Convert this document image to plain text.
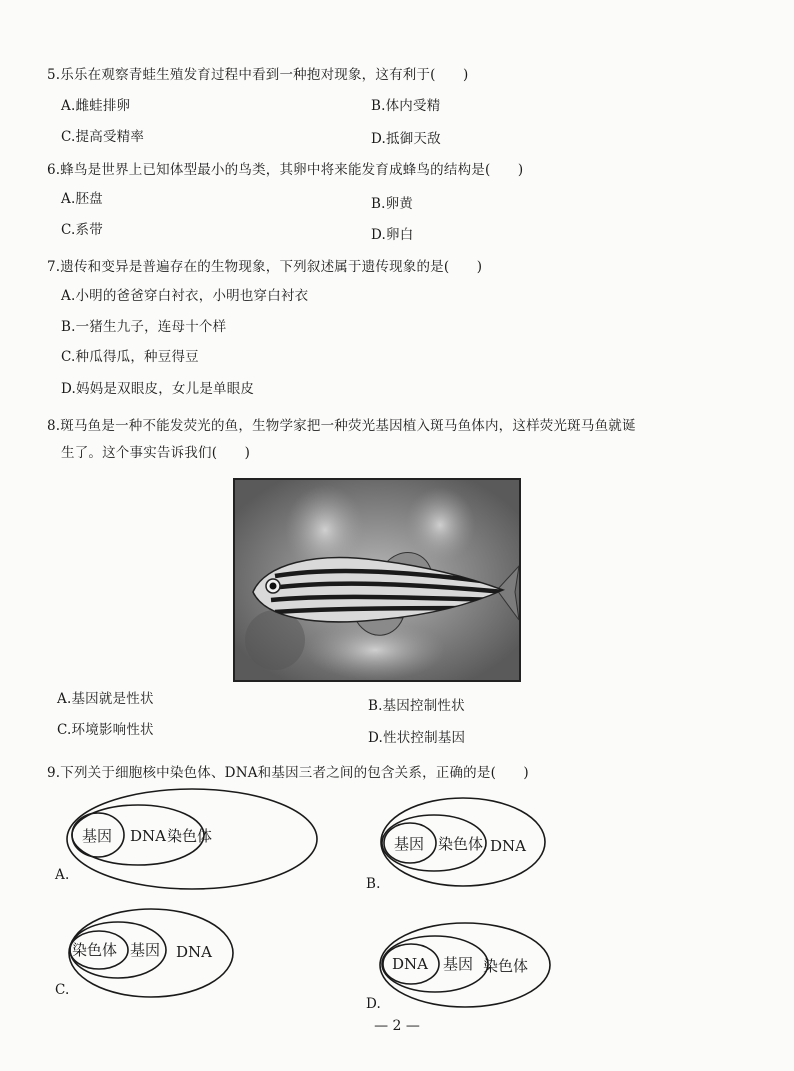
5.乐乐在观察青蛙生殖发育过程中看到一种抱对现象，这有利于(　　)
A.雌蛙排卵	B.体内受精
C.提高受精率	D.抵御天敌
6.蜂鸟是世界上已知体型最小的鸟类，其卵中将来能发育成蜂鸟的结构是(　　)
A.胚盘	B.卵黄
C.系带	D.卵白
7.遗传和变异是普遍存在的生物现象，下列叙述属于遗传现象的是(　　)
A.小明的爸爸穿白衬衣，小明也穿白衬衣
B.一猪生九子，连母十个样
C.种瓜得瓜，种豆得豆
D.妈妈是双眼皮，女儿是单眼皮
8.斑马鱼是一种不能发荧光的鱼，生物学家把一种荧光基因植入斑马鱼体内，这样荧光斑马鱼就诞
生了。这个事实告诉我们(　　)
A.基因就是性状	B.基因控制性状
C.环境影响性状	D.性状控制基因
9.下列关于细胞核中染色体、DNA和基因三者之间的包含关系，正确的是(　　)
基因 DNA 染色体
A.
基因 染色体 DNA
B.
染色体 基因 DNA
C.
DNA 基因 染色体
D.
— 2 —
